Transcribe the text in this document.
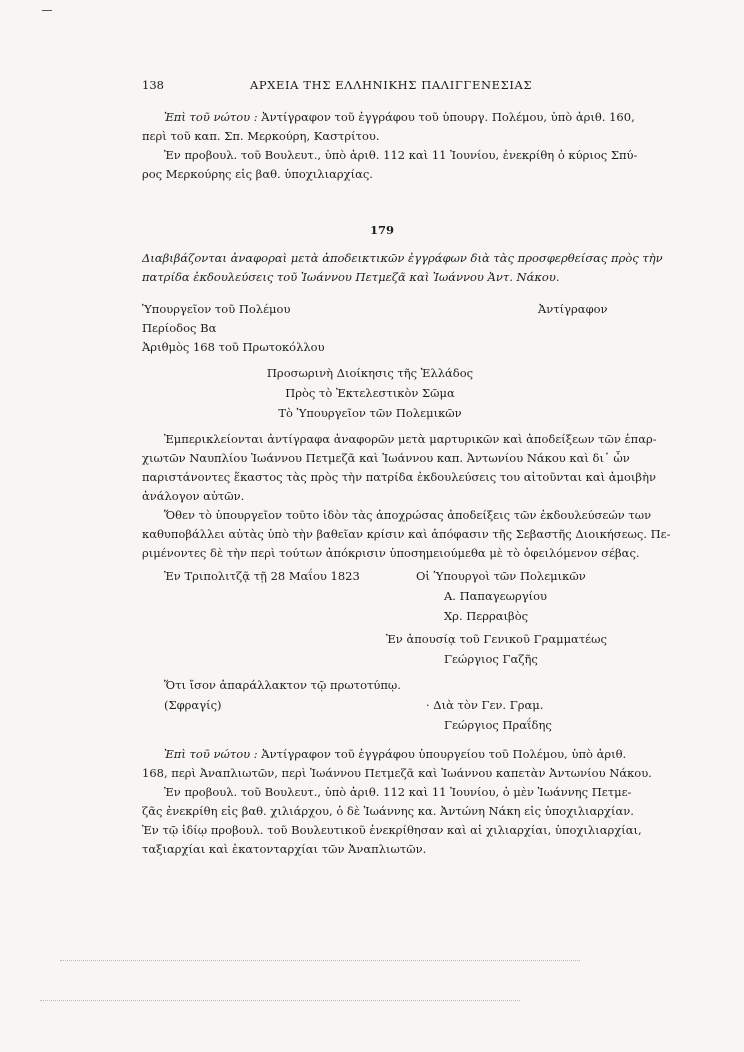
138	ΑΡΧΕΙΑ ΤΗΣ ΕΛΛΗΝΙΚΗΣ ΠΑΛΙΓΓΕΝΕΣΙΑΣ
Ἐπὶ τοῦ νώτου : Ἀντίγραφον τοῦ ἐγγράφου τοῦ ὑπουργ. Πολέμου, ὑπὸ ἀριθ. 160,
περὶ τοῦ καπ. Σπ. Μερκούρη, Καστρίτου.
Ἐν προβουλ. τοῦ Βουλευτ., ὑπὸ ἀριθ. 112 καὶ 11 Ἰουνίου, ἐνεκρίθη ὁ κύριος Σπύ-
ρος Μερκούρης εἰς βαθ. ὑποχιλιαρχίας.
179
Διαβιβάζονται ἀναφοραὶ μετὰ ἀποδεικτικῶν ἐγγράφων διὰ τὰς προσφερθείσας πρὸς τὴν
πατρίδα ἐκδουλεύσεις τοῦ Ἰωάννου Πετμεζᾶ καὶ Ἰωάννου Ἀντ. Νάκου.
Ὑπουργεῖον τοῦ Πολέμου	Ἀντίγραφον
Περίοδος Βα
Ἀριθμὸς 168 τοῦ Πρωτοκόλλου
Προσωρινὴ Διοίκησις τῆς Ἑλλάδος
Πρὸς τὸ Ἐκτελεστικὸν Σῶμα
Τὸ Ὑπουργεῖον τῶν Πολεμικῶν
Ἐμπερικλείονται ἀντίγραφα ἀναφορῶν μετὰ μαρτυρικῶν καὶ ἀποδείξεων τῶν ἐπαρ-
χιωτῶν Ναυπλίου Ἰωάννου Πετμεζᾶ καὶ Ἰωάννου καπ. Ἀντωνίου Νάκου καὶ δι᾽ ὧν
παριστάνοντες ἕκαστος τὰς πρὸς τὴν πατρίδα ἐκδουλεύσεις του αἰτοῦνται καὶ ἀμοιβὴν
ἀνάλογον αὐτῶν.
Ὅθεν τὸ ὑπουργεῖον τοῦτο ἰδὸν τὰς ἀποχρώσας ἀποδείξεις τῶν ἐκδουλεύσεών των
καθυποβάλλει αὐτὰς ὑπὸ τὴν βαθεῖαν κρίσιν καὶ ἀπόφασιν τῆς Σεβαστῆς Διοικήσεως. Πε-
ριμένοντες δὲ τὴν περὶ τούτων ἀπόκρισιν ὑποσημειούμεθα μὲ τὸ ὀφειλόμενον σέβας.
Ἐν Τριπολιτζᾷ τῇ 28 Μαΐου 1823	Οἱ Ὑπουργοὶ τῶν Πολεμικῶν
Α. Παπαγεωργίου
Χρ. Περραιβὸς
Ἐν ἀπουσίᾳ τοῦ Γενικοῦ Γραμματέως
Γεώργιος Γαζῆς
Ὅτι ἴσον ἀπαράλλακτον τῷ πρωτοτύπῳ.
(Σφραγίς)	· Διὰ τὸν Γεν. Γραμ.
Γεώργιος Πραΐδης
Ἐπὶ τοῦ νώτου : Ἀντίγραφον τοῦ ἐγγράφου ὑπουργείου τοῦ Πολέμου, ὑπὸ ἀριθ.
168, περὶ Ἀναπλιωτῶν, περὶ Ἰωάννου Πετμεζᾶ καὶ Ἰωάννου καπετὰν Ἀντωνίου Νάκου.
Ἐν προβουλ. τοῦ Βουλευτ., ὑπὸ ἀριθ. 112 καὶ 11 Ἰουνίου, ὁ μὲν Ἰωάννης Πετμε-
ζᾶς ἐνεκρίθη εἰς βαθ. χιλιάρχου, ὁ δὲ Ἰωάννης κα. Ἀντώνη Νάκη εἰς ὑποχιλιαρχίαν.
Ἐν τῷ ἰδίῳ προβουλ. τοῦ Βουλευτικοῦ ἐνεκρίθησαν καὶ αἱ χιλιαρχίαι, ὑποχιλιαρχίαι,
ταξιαρχίαι καὶ ἑκατονταρχίαι τῶν Ἀναπλιωτῶν.
